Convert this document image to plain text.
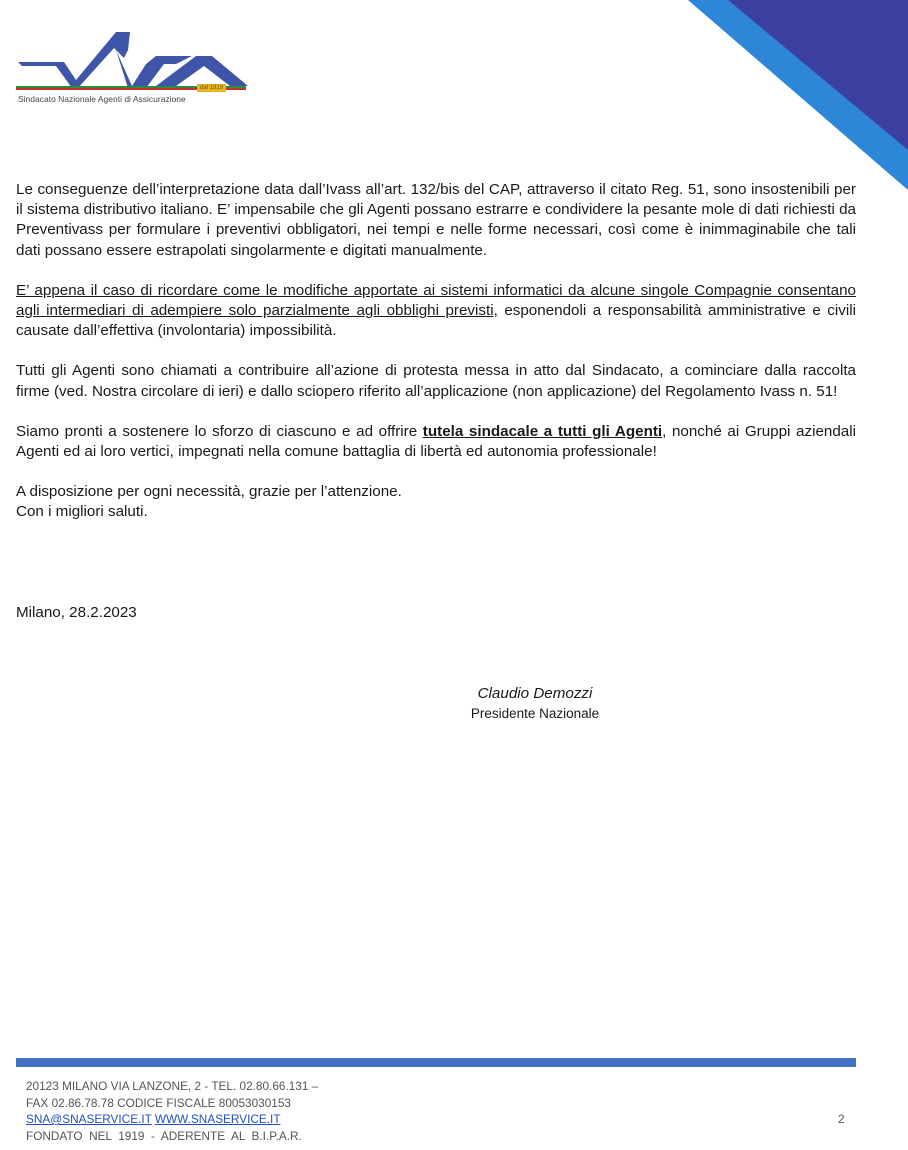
dal 1919
Sindacato Nazionale Agenti di Assicurazione

Le conseguenze dell’interpretazione data dall’Ivass all’art. 132/bis del CAP, attraverso il citato Reg. 51, sono insostenibili per il sistema distributivo italiano. E’ impensabile che gli Agenti possano estrarre e condividere la pesante mole di dati richiesti da Preventivass per formulare i preventivi obbligatori, nei tempi e nelle forme necessari, così come è inimmaginabile che tali dati possano essere estrapolati singolarmente e digitati manualmente.

E’ appena il caso di ricordare come le modifiche apportate ai sistemi informatici da alcune singole Compagnie consentano agli intermediari di adempiere solo parzialmente agli obblighi previsti, esponendoli a responsabilità amministrative e civili causate dall’effettiva (involontaria) impossibilità.

Tutti gli Agenti sono chiamati a contribuire all’azione di protesta messa in atto dal Sindacato, a cominciare dalla raccolta firme (ved. Nostra circolare di ieri) e dallo sciopero riferito all’applicazione (non applicazione) del Regolamento Ivass n. 51!

Siamo pronti a sostenere lo sforzo di ciascuno e ad offrire tutela sindacale a tutti gli Agenti, nonché ai Gruppi aziendali Agenti ed ai loro vertici, impegnati nella comune battaglia di libertà ed autonomia professionale!

A disposizione per ogni necessità, grazie per l’attenzione.

Con i migliori saluti.

Milano, 28.2.2023
Claudio Demozzi
Presidente Nazionale
20123 MILANO VIA LANZONE, 2 - TEL. 02.80.66.131 –
FAX 02.86.78.78 CODICE FISCALE 80053030153
SNA@SNASERVICE.IT WWW.SNASERVICE.IT
FONDATO  NEL  1919  -  ADERENTE  AL  B.I.P.A.R.
2
